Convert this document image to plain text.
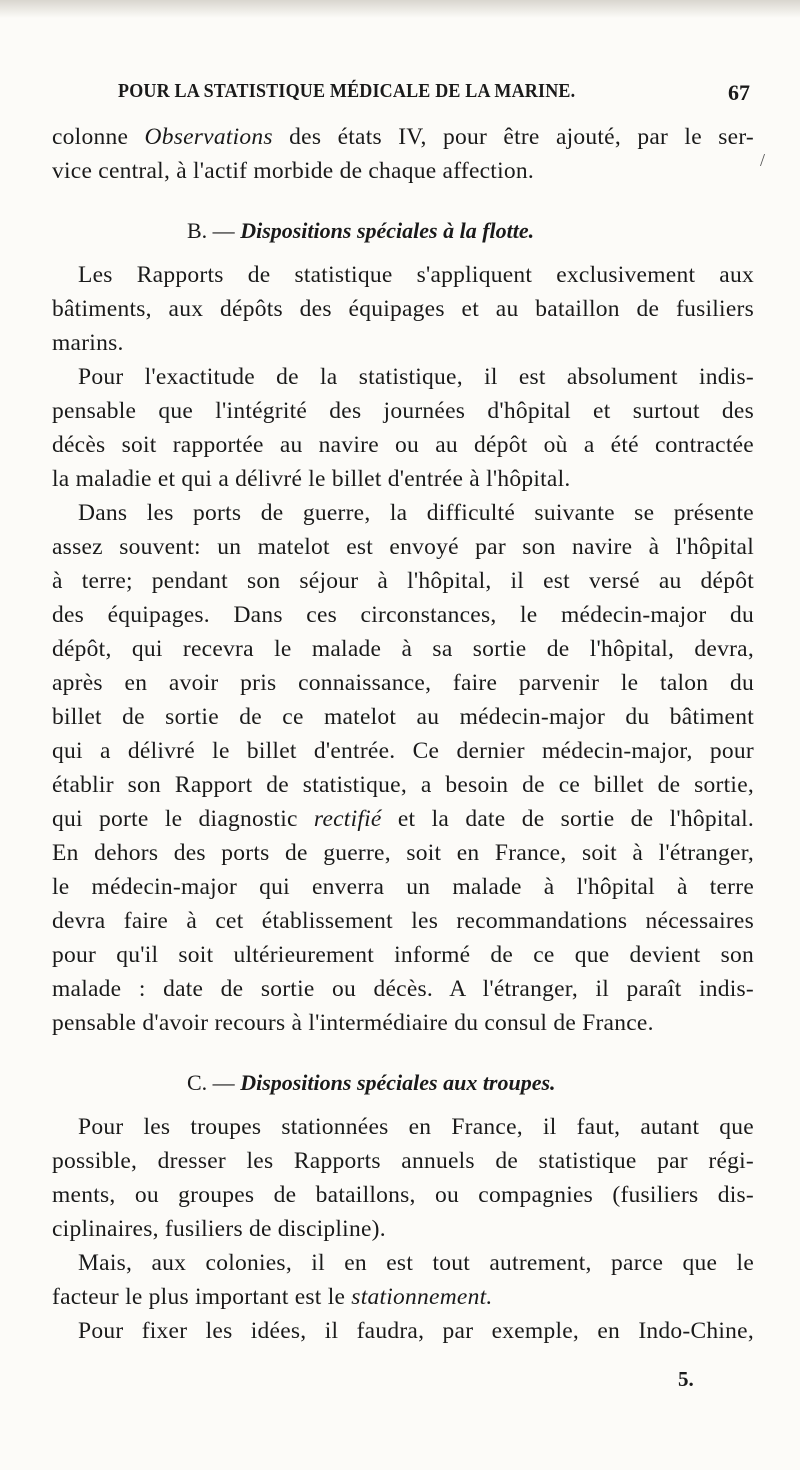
POUR LA STATISTIQUE MÉDICALE DE LA MARINE.	67
/
colonne Observations des états IV, pour être ajouté, par le ser-
vice central, à l'actif morbide de chaque affection.
B. — Dispositions spéciales à la flotte.
Les Rapports de statistique s'appliquent exclusivement aux
bâtiments, aux dépôts des équipages et au bataillon de fusiliers
marins.
Pour l'exactitude de la statistique, il est absolument indis-
pensable que l'intégrité des journées d'hôpital et surtout des
décès soit rapportée au navire ou au dépôt où a été contractée
la maladie et qui a délivré le billet d'entrée à l'hôpital.
Dans les ports de guerre, la difficulté suivante se présente
assez souvent: un matelot est envoyé par son navire à l'hôpital
à terre; pendant son séjour à l'hôpital, il est versé au dépôt
des équipages. Dans ces circonstances, le médecin-major du
dépôt, qui recevra le malade à sa sortie de l'hôpital, devra,
après en avoir pris connaissance, faire parvenir le talon du
billet de sortie de ce matelot au médecin-major du bâtiment
qui a délivré le billet d'entrée. Ce dernier médecin-major, pour
établir son Rapport de statistique, a besoin de ce billet de sortie,
qui porte le diagnostic rectifié et la date de sortie de l'hôpital.
En dehors des ports de guerre, soit en France, soit à l'étranger,
le médecin-major qui enverra un malade à l'hôpital à terre
devra faire à cet établissement les recommandations nécessaires
pour qu'il soit ultérieurement informé de ce que devient son
malade : date de sortie ou décès. A l'étranger, il paraît indis-
pensable d'avoir recours à l'intermédiaire du consul de France.
C. — Dispositions spéciales aux troupes.
Pour les troupes stationnées en France, il faut, autant que
possible, dresser les Rapports annuels de statistique par régi-
ments, ou groupes de bataillons, ou compagnies (fusiliers dis-
ciplinaires, fusiliers de discipline).
Mais, aux colonies, il en est tout autrement, parce que le
facteur le plus important est le stationnement.
Pour fixer les idées, il faudra, par exemple, en Indo-Chine,
5.
